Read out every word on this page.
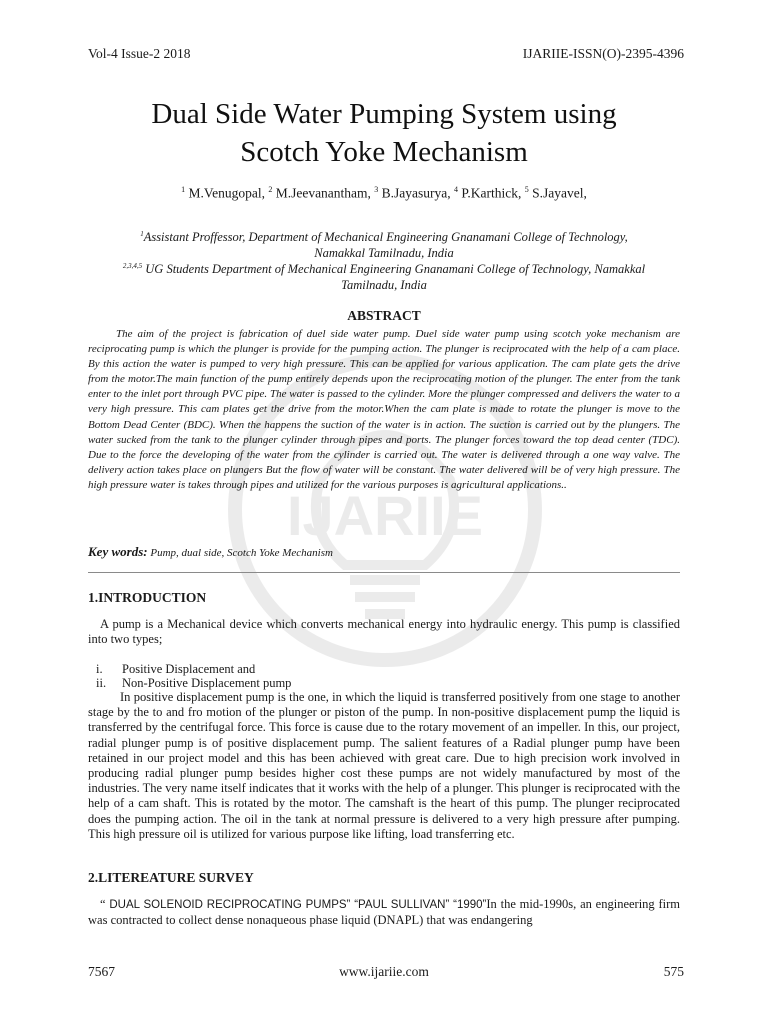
IJARIIE
Vol-4 Issue-2 2018	IJARIIE-ISSN(O)-2395-4396
Dual Side Water Pumping System using
Scotch Yoke Mechanism
$^1$ M.Venugopal, $^2$ M.Jeevanantham, $^3$ B.Jayasurya, $^4$ P.Karthick, $^5$ S.Jayavel,
$^1$Assistant Proffessor, Department of Mechanical Engineering Gnanamani College of Technology,
Namakkal Tamilnadu, India
$^{2,3,4,5}$ UG Students Department of Mechanical Engineering Gnanamani College of Technology, Namakkal
Tamilnadu, India
ABSTRACT
The aim of the project is fabrication of duel side water pump. Duel side water pump using scotch yoke mechanism are reciprocating pump is which the plunger is provide for the pumping action. The plunger is reciprocated with the help of a cam place. By this action the water is pumped to very high pressure. This can be applied for various application. The cam plate gets the drive from the motor.The main function of the pump entirely depends upon the reciprocating motion of the plunger. The enter from the tank enter to the inlet port through PVC pipe. The water is passed to the cylinder. More the plunger compressed and delivers the water to a very high pressure. This cam plates get the drive from the motor.When the cam plate is made to rotate the plunger is move to the Bottom Dead Center (BDC). When the happens the suction of the water is in action. The suction is carried out by the plungers. The water sucked from the tank to the plunger cylinder through pipes and ports. The plunger forces toward the top dead center (TDC). Due to the force the developing of the water from the cylinder is carried out. The water is delivered through a one way valve. The delivery action takes place on plungers But the flow of water will be constant. The water delivered will be of very high pressure. The high pressure water is takes through pipes and utilized for the various purposes is agricultural applications..
Key words: Pump, dual side, Scotch Yoke Mechanism
1.INTRODUCTION
A pump is a Mechanical device which converts mechanical energy into hydraulic energy. This pump is classified into two types;
i.	Positive Displacement and
ii.	Non-Positive Displacement pump
In positive displacement pump is the one, in which the liquid is transferred positively from one stage to another stage by the to and fro motion of the plunger or piston of the pump. In non-positive displacement pump the liquid is transferred by the centrifugal force. This force is cause due to the rotary movement of an impeller. In this, our project, radial plunger pump is of positive displacement pump. The salient features of a Radial plunger pump have been retained in our project model and this has been achieved with great care. Due to high precision work involved in producing radial plunger pump besides higher cost these pumps are not widely manufactured by most of the industries. The very name itself indicates that it works with the help of a plunger. This plunger is reciprocated with the help of a cam shaft. This is rotated by the motor. The camshaft is the heart of this pump. The plunger reciprocated does the pumping action. The oil in the tank at normal pressure is delivered to a very high pressure after pumping. This high pressure oil is utilized for various purpose like lifting, load transferring etc.
2.LITEREATURE SURVEY
“ DUAL SOLENOID RECIPROCATING PUMPS” “PAUL SULLIVAN” “1990”In the mid-1990s, an engineering firm was contracted to collect dense nonaqueous phase liquid (DNAPL) that was endangering
7567	www.ijariie.com	575
